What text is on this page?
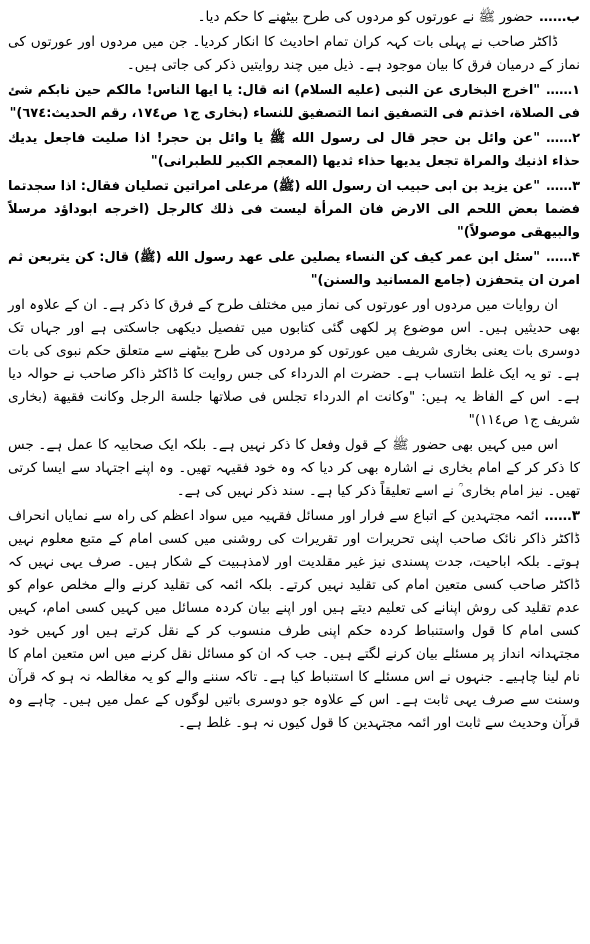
ب……حضور ﷺ نے عورتوں کو مردوں کی طرح بیٹھنے کا حکم دیا۔

ڈاکٹر صاحب نے پہلی بات کہہ کران تمام احادیث کا انکار کردیا۔ جن میں مردوں اور عورتوں کی نماز کے درمیان فرق کا بیان موجود ہے۔ ذیل میں چند روایتیں ذکر کی جاتی ہیں۔

۱……"اخرج البخاری عن النبی (علیه السلام) انه قال: یا ایها الناس! مالکم حین نابکم شئ فی الصلاة، اخذتم فی التصفیق انما التصفیق للنساء (بخاری ج۱ ص۱۷٤، رقم الحدیث:٦٧٤)"

۲……"عن وائل بن حجر قال لی رسول الله ﷺ یا وائل بن حجر! اذا صلیت فاجعل یدیك حذاء اذنیك والمراة تجعل یدیها حذاء ثدیها (المعجم الکبیر للطبرانی)"

۳……"عن یزید بن ابی حبیب ان رسول الله (ﷺ) مرعلی امراتین تصلیان فقال: اذا سجدتما فضما بعض اللحم الی الارض فان المرأة لیست فی ذلك كالرجل (اخرجه ابوداؤد مرسلاً والبیهقی موصولاً)"

۴……"سئل ابن عمر کیف کن النساء یصلین علی عهد رسول الله (ﷺ) قال: کن یتربعن ثم امرن ان یتحفزن (جامع المسانید والسنن)"

ان روایات میں مردوں اور عورتوں کی نماز میں مختلف طرح کے فرق کا ذکر ہے۔ ان کے علاوہ اور بھی حدیثیں ہیں۔ اس موضوع پر لکھی گئی کتابوں میں تفصیل دیکھی جاسکتی ہے اور جہاں تک دوسری بات یعنی بخاری شریف میں عورتوں کو مردوں کی طرح بیٹھنے سے متعلق حکم نبوی کی بات ہے۔ تو یہ ایک غلط انتساب ہے۔ حضرت ام الدرداء کی جس روایت کا ڈاکٹر ذاکر صاحب نے حوالہ دیا ہے۔ اس کے الفاظ یہ ہیں: "وکانت ام الدرداء تجلس فی صلاتها جلسة الرجل وکانت فقیهة (بخاری شریف ج۱ ص۱۱٤)"

اس میں کہیں بھی حضور ﷺ کے قول وفعل کا ذکر نہیں ہے۔ بلکہ ایک صحابیہ کا عمل ہے۔ جس کا ذکر کر کے امام بخاری نے اشارہ بھی کر دیا کہ وہ خود فقیہہ تھیں۔ وہ اپنے اجتہاد سے ایسا کرتی تھیں۔ نیز امام بخاری ؒ نے اسے تعلیقاً ذکر کیا ہے۔ سند ذکر نہیں کی ہے۔

۳……ائمہ مجتہدین کے اتباع سے فرار اور مسائل فقہیہ میں سواد اعظم کی راہ سے نمایاں انحراف ڈاکٹر ذاکر نائک صاحب اپنی تحریرات اور تقریرات کی روشنی میں کسی امام کے متبع معلوم نہیں ہوتے۔ بلکہ اباحیت، جدت پسندی نیز غیر مقلدیت اور لامذہبیت کے شکار ہیں۔ صرف یہی نہیں کہ ڈاکٹر صاحب کسی متعین امام کی تقلید نہیں کرتے۔ بلکہ ائمہ کی تقلید کرنے والے مخلص عوام کو عدم تقلید کی روش اپنانے کی تعلیم دیتے ہیں اور اپنے بیان کردہ مسائل میں کہیں کسی امام، کہیں کسی امام کا قول واستنباط کردہ حکم اپنی طرف منسوب کر کے نقل کرتے ہیں اور کہیں خود مجتہدانہ انداز پر مسئلے بیان کرنے لگتے ہیں۔ جب کہ ان کو مسائل نقل کرنے میں اس متعین امام کا نام لینا چاہیے۔ جنہوں نے اس مسئلے کا استنباط کیا ہے۔ تاکہ سننے والے کو یہ مغالطہ نہ ہو کہ قرآن وسنت سے صرف یہی ثابت ہے۔ اس کے علاوہ جو دوسری باتیں لوگوں کے عمل میں ہیں۔ چاہے وہ قرآن وحدیث سے ثابت اور ائمہ مجتہدین کا قول کیوں نہ ہو۔ غلط ہے۔
